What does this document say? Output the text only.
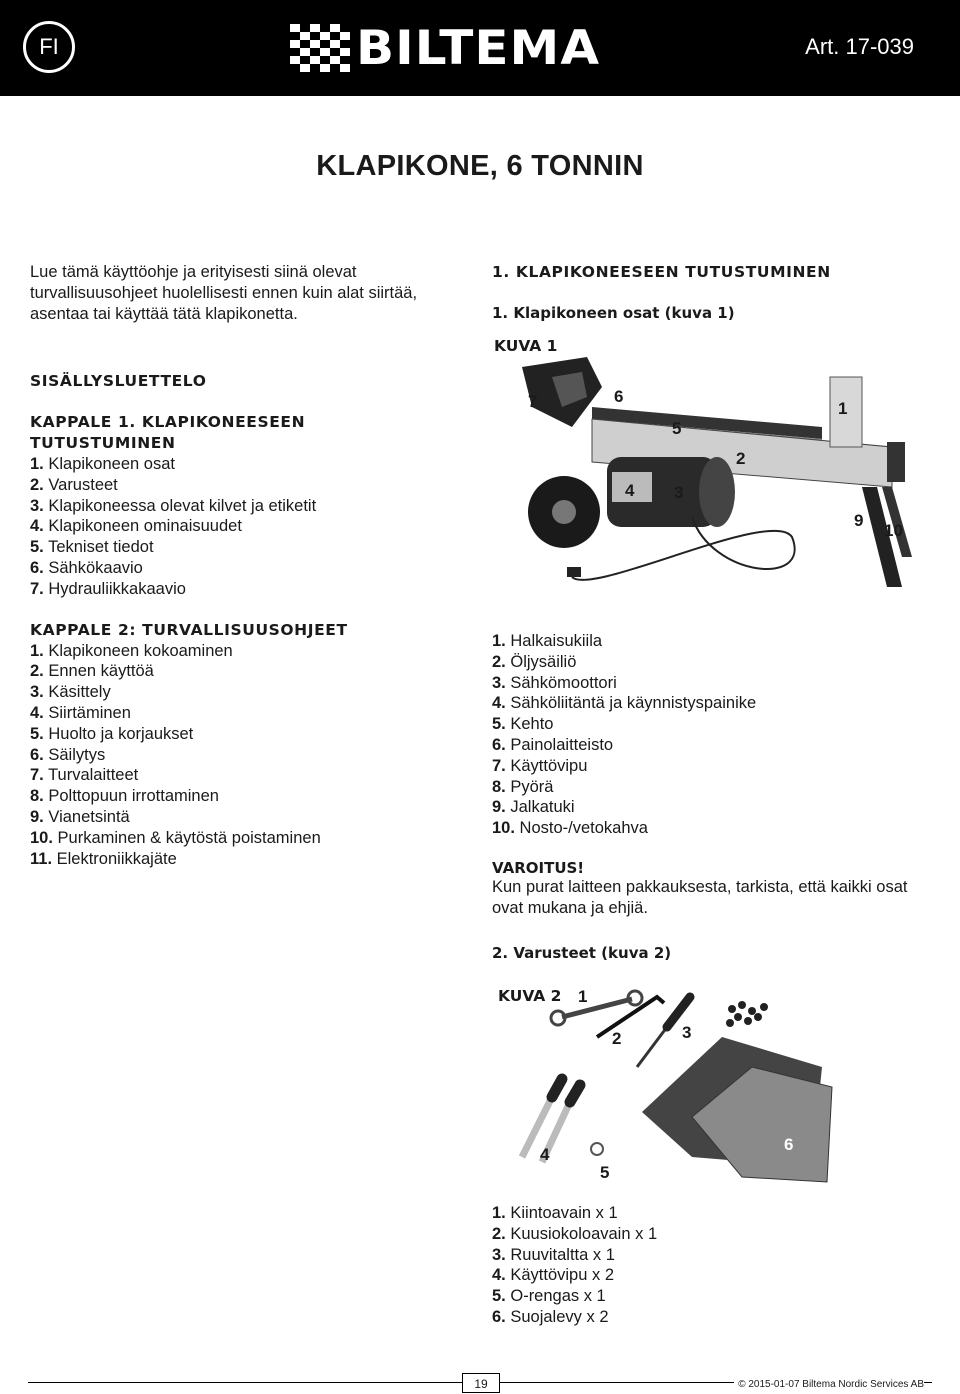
FI	BILTEMA	Art. 17-039
KLAPIKONE, 6 TONNIN

Lue tämä käyttöohje ja erityisesti siinä olevat turvallisuusohjeet huolellisesti ennen kuin alat siirtää, asentaa tai käyttää tätä klapikonetta.

SISÄLLYSLUETTELO

KAPPALE 1. KLAPIKONEESEEN TUTUSTUMINEN

1. Klapikoneen osat
2. Varusteet
3. Klapikoneessa olevat kilvet ja etiketit
4. Klapikoneen ominaisuudet
5. Tekniset tiedot
6. Sähkökaavio
7. Hydrauliikkakaavio

KAPPALE 2: TURVALLISUUSOHJEET

1. Klapikoneen kokoaminen
2. Ennen käyttöä
3. Käsittely
4. Siirtäminen
5. Huolto ja korjaukset
6. Säilytys
7. Turvalaitteet
8. Polttopuun irrottaminen
9. Vianetsintä
10. Purkaminen & käytöstä poistaminen
11. Elektroniikkajäte

1. KLAPIKONEESEEN TUTUSTUMINEN

1. Klapikoneen osat (kuva 1)

KUVA 1
7	6
1
5
2
8	4 3
9
10
1. Halkaisukiila
2. Öljysäiliö
3. Sähkömoottori
4. Sähköliitäntä ja käynnistyspainike
5. Kehto
6. Painolaitteisto
7. Käyttövipu
8. Pyörä
9. Jalkatuki
10. Nosto-/vetokahva

VAROITUS!

Kun purat laitteen pakkauksesta, tarkista, että kaikki osat ovat mukana ja ehjiä.

2. Varusteet (kuva 2)

KUVA 2 1
2	3
4
5
6
1. Kiintoavain x 1
2. Kuusiokoloavain x 1
3. Ruuvitaltta x 1
4. Käyttövipu x 2
5. O-rengas x 1
6. Suojalevy x 2
19	© 2015-01-07 Biltema Nordic Services AB
